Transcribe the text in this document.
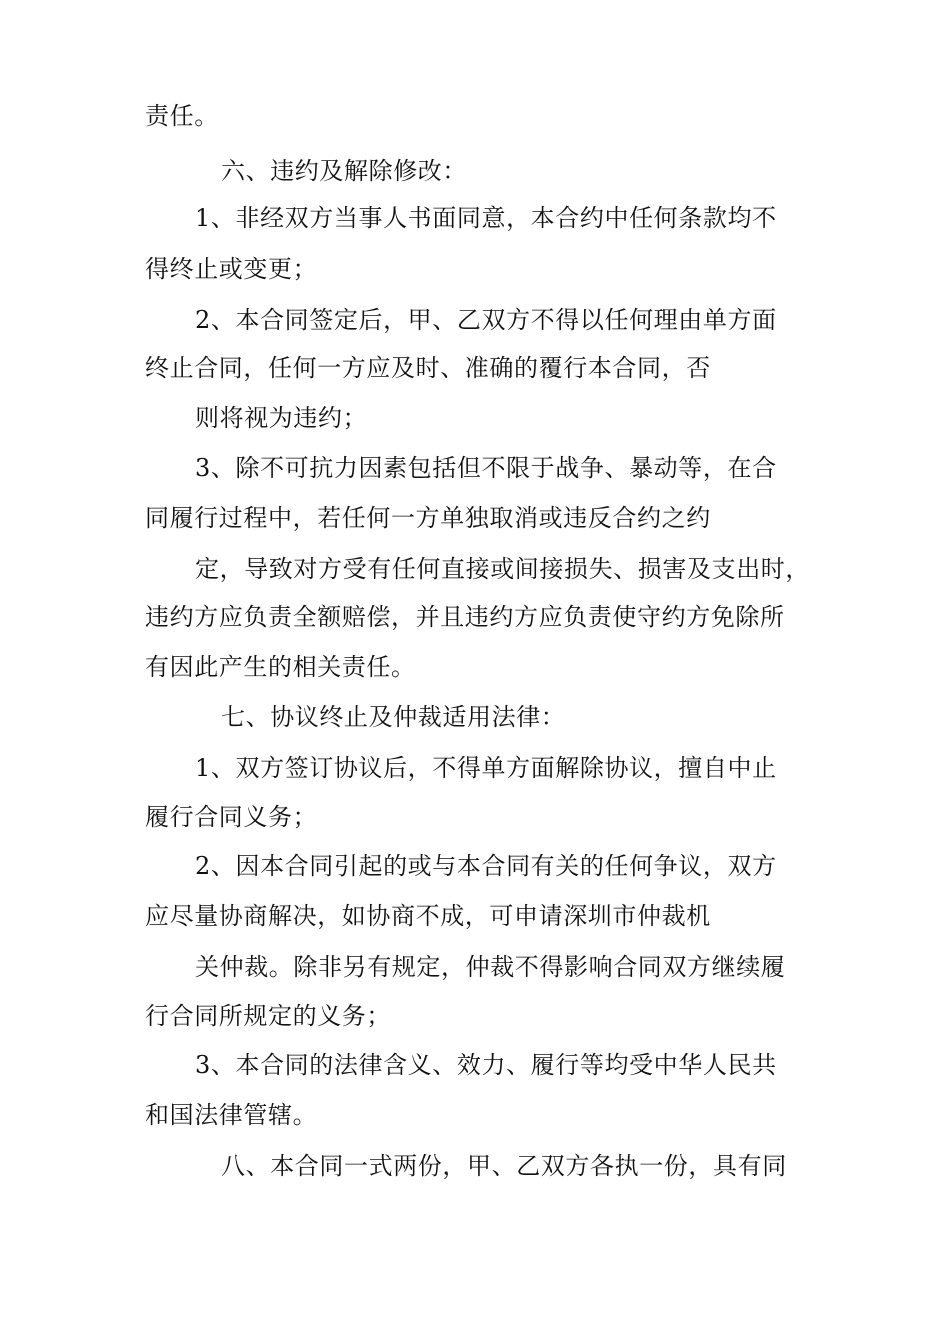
责任。
六、违约及解除修改：
1、非经双方当事人书面同意，本合约中任何条款均不
得终止或变更；
2、本合同签定后，甲、乙双方不得以任何理由单方面
终止合同，任何一方应及时、准确的覆行本合同，否
则将视为违约；
3、除不可抗力因素包括但不限于战争、暴动等，在合
同履行过程中，若任何一方单独取消或违反合约之约
定，导致对方受有任何直接或间接损失、损害及支出时，
违约方应负责全额赔偿，并且违约方应负责使守约方免除所
有因此产生的相关责任。
七、协议终止及仲裁适用法律：
1、双方签订协议后，不得单方面解除协议，擅自中止
履行合同义务；
2、因本合同引起的或与本合同有关的任何争议，双方
应尽量协商解决，如协商不成，可申请深圳市仲裁机
关仲裁。除非另有规定，仲裁不得影响合同双方继续履
行合同所规定的义务；
3、本合同的法律含义、效力、履行等均受中华人民共
和国法律管辖。
八、本合同一式两份，甲、乙双方各执一份，具有同
